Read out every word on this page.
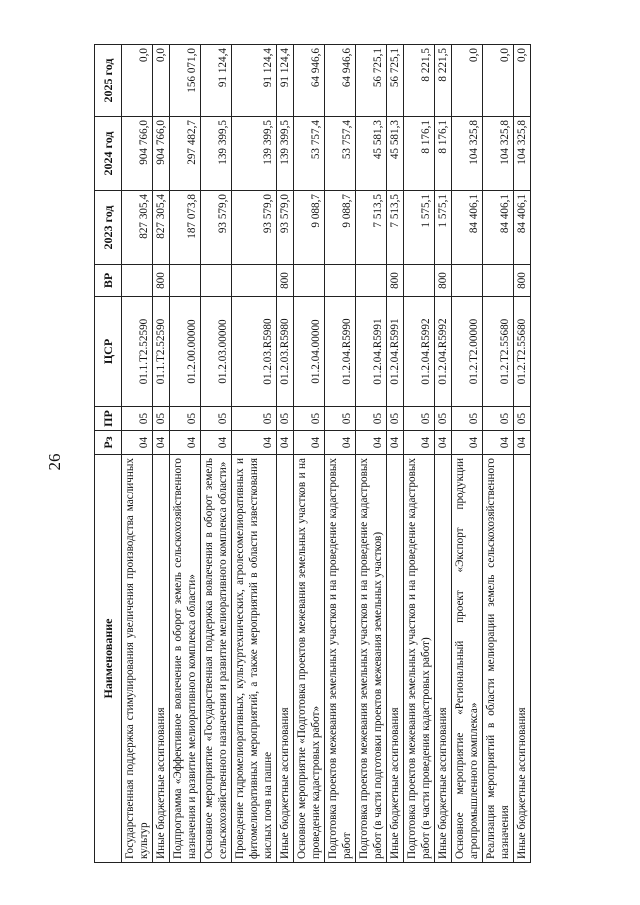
26
Наименование	Рз	ПР	ЦСР	ВР	2023 год	2024 год	2025 год
Государственная поддержка стимулирования увеличения производства масличных культур	04	05	01.1.Т2.52590		827 305,4	904 766,0	0,0
Иные бюджетные ассигнования	04	05	01.1.Т2.52590	800	827 305,4	904 766,0	0,0
Подпрограмма «Эффективное вовлечение в оборот земель сельскохозяйственного назначения и развитие мелиоративного комплекса области»	04	05	01.2.00.00000		187 073,8	297 482,7	156 071,0
Основное мероприятие «Государственная поддержка вовлечения в оборот земель сельскохозяйственного назначения и развитие мелиоративного комплекса области»	04	05	01.2.03.00000		93 579,0	139 399,5	91 124,4
Проведение гидромелиоративных, культуртехнических, агролесомелиоративных и фитомелиоративных мероприятий, а также мероприятий в области известкования кислых почв на пашне	04	05	01.2.03.R5980		93 579,0	139 399,5	91 124,4
Иные бюджетные ассигнования	04	05	01.2.03.R5980	800	93 579,0	139 399,5	91 124,4
Основное мероприятие «Подготовка проектов межевания земельных участков и на проведение кадастровых работ»	04	05	01.2.04.00000		9 088,7	53 757,4	64 946,6
Подготовка проектов межевания земельных участков и на проведение кадастровых работ	04	05	01.2.04.R5990		9 088,7	53 757,4	64 946,6
Подготовка проектов межевания земельных участков и на проведение кадастровых работ (в части подготовки проектов межевания земельных участков)	04	05	01.2.04.R5991		7 513,5	45 581,3	56 725,1
Иные бюджетные ассигнования	04	05	01.2.04.R5991	800	7 513,5	45 581,3	56 725,1
Подготовка проектов межевания земельных участков и на проведение кадастровых работ (в части проведения кадастровых работ)	04	05	01.2.04.R5992		1 575,1	8 176,1	8 221,5
Иные бюджетные ассигнования	04	05	01.2.04.R5992	800	1 575,1	8 176,1	8 221,5
Основное мероприятие «Региональный проект «Экспорт продукции агропромышленного комплекса»	04	05	01.2.Т2.00000		84 406,1	104 325,8	0,0
Реализация мероприятий в области мелиорации земель сельскохозяйственного назначения	04	05	01.2.Т2.55680		84 406,1	104 325,8	0,0
Иные бюджетные ассигнования	04	05	01.2.Т2.55680	800	84 406,1	104 325,8	0,0
